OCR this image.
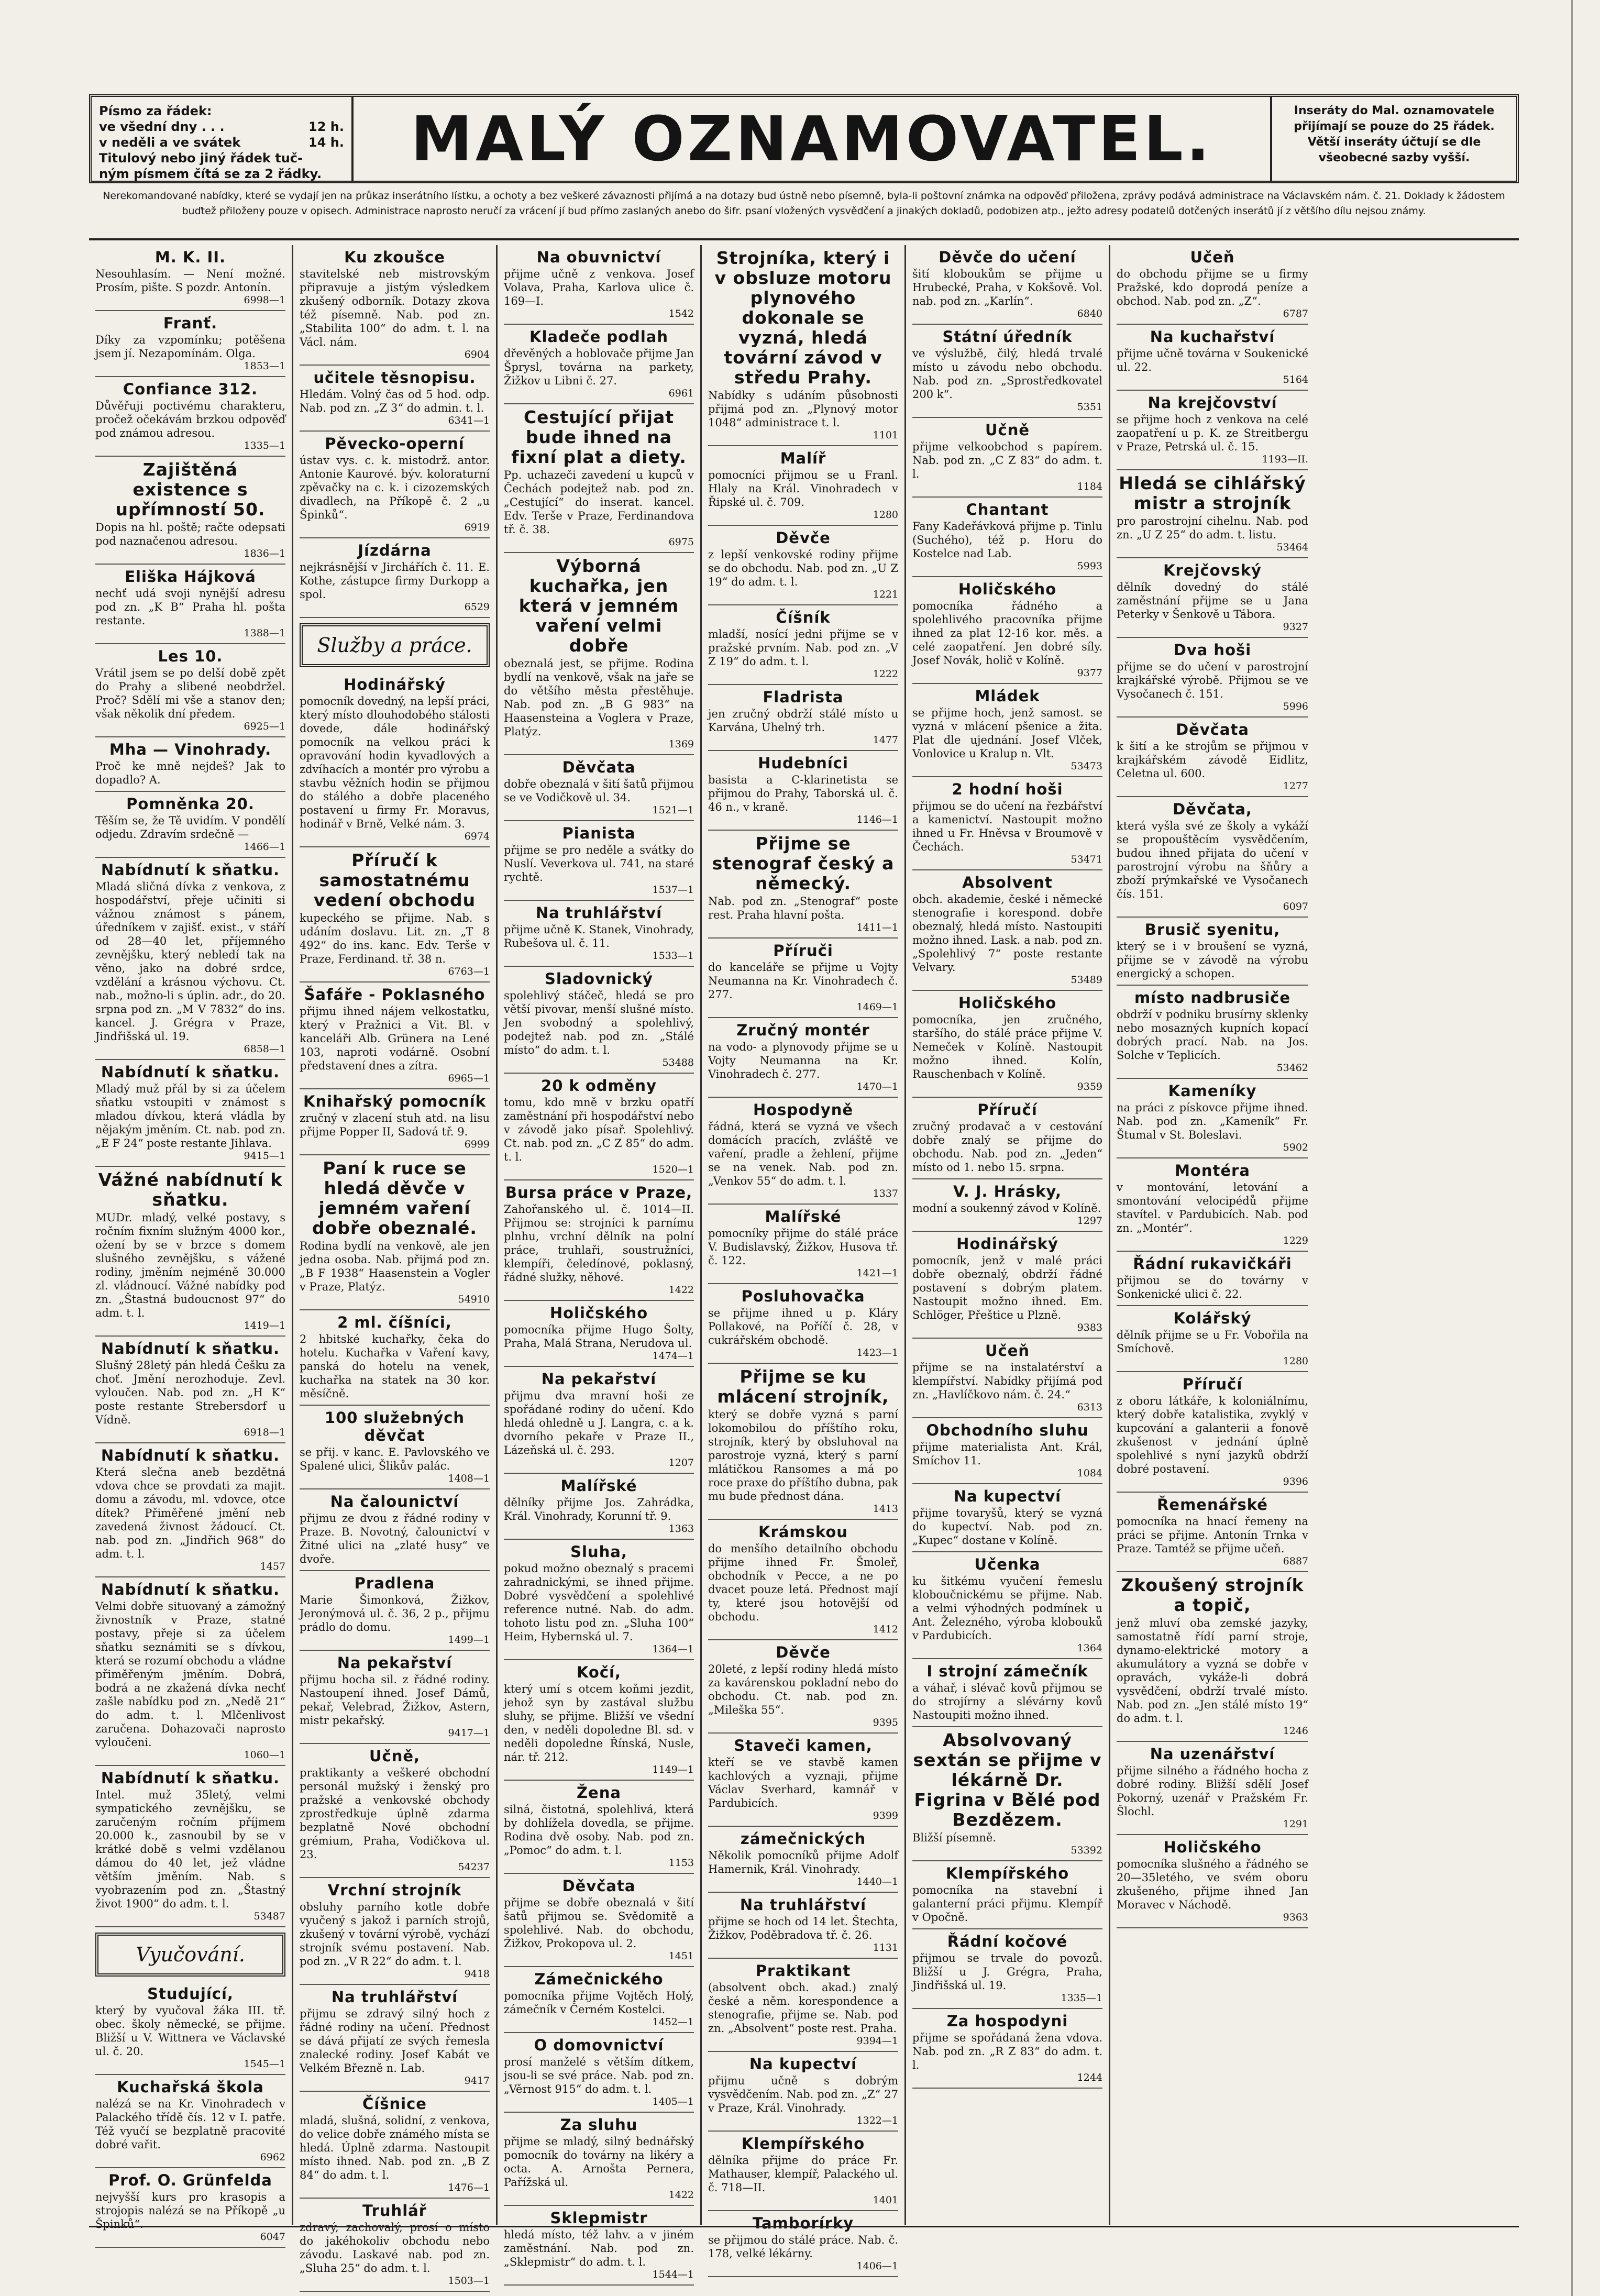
Písmo za řádek:
ve všední dny . . .	12 h.
v neděli a ve svátek	14 h.
Titulový nebo jiný řádek tuč-
ným písmem čítá se za 2 řádky.	MALÝ OZNAMOVATEL.	Inseráty do Mal. oznamovatele přijímají se pouze do 25 řádek. Větší inseráty účtují se dle všeobecné sazby vyšší.
Nerekomandované nabídky, které se vydají jen na průkaz inserátního lístku, a ochoty a bez veškeré závaznosti přijímá a na dotazy bud ústně nebo písemně, byla-li poštovní známka na odpověď přiložena, zprávy podává administrace na Václavském nám. č. 21. Doklady k žádostem buďtež přiloženy pouze v opisech. Administrace naprosto neručí za vrácení jí bud přímo zaslaných anebo do šifr. psaní vložených vysvědčení a jinakých dokladů, podobizen atp., ježto adresy podatelů dotčených inserátů jí z většího dílu nejsou známy.
M. K. II.

Nesouhlasím. — Není možné. Prosím, pište. S pozdr. Antonín.

6998—1
Franť.

Díky za vzpomínku; potěšena jsem jí. Nezapomínám. Olga.

1853—1
Confiance 312.

Důvěřuji poctivému charakteru, pročež očekávám brzkou odpověď pod známou adresou.

1335—1
Zajištěná existence s upřímností 50.

Dopis na hl. poště; račte odepsati pod naznačenou adresou.

1836—1
Eliška Hájková

nechť udá svoji nynější adresu pod zn. „K B“ Praha hl. pošta restante.

1388—1
Les 10.

Vrátil jsem se po delší době zpět do Prahy a slibené neobdržel. Proč? Sdělí mi vše a stanov den; však několik dní předem.

6925—1
Mha — Vinohrady.

Proč ke mně nejdeš? Jak to dopadlo? A.

Pomněnka 20.

Těším se, že Tě uvidím. V pondělí odjedu. Zdravím srdečně —

1466—1
Nabídnutí k sňatku.

Mladá sličná dívka z venkova, z hospodářství, přeje učiniti si vážnou známost s pánem, úředníkem v zajišť. exist., v stáří od 28—40 let, příjemného zevnějšku, který nebledí tak na věno, jako na dobré srdce, vzdělání a krásnou výchovu. Ct. nab., možno-li s úplin. adr., do 20. srpna pod zn. „M V 7832“ do ins. kancel. J. Grégra v Praze, Jindřišská ul. 19.

6858—1
Nabídnutí k sňatku.

Mladý muž přál by si za účelem sňatku vstoupiti v známost s mladou dívkou, která vládla by nějakým jměním. Ct. nab. pod zn. „E F 24“ poste restante Jihlava.

9415—1
Vážné nabídnutí k sňatku.

MUDr. mladý, velké postavy, s ročním fixním služným 4000 kor., ožení by se v brzce s domem slušného zevnějšku, s vážené rodiny, jměním nejméně 30.000 zl. vládnoucí. Vážné nabídky pod zn. „Štastná budoucnost 97“ do adm. t. l.

1419—1
Nabídnutí k sňatku.

Slušný 28letý pán hledá Češku za choť. Jmění nerozhoduje. Zevl. vyloučen. Nab. pod zn. „H K“ poste restante Strebersdorf u Vídně.

6918—1
Nabídnutí k sňatku.

Která slečna aneb bezdětná vdova chce se provdati za majit. domu a závodu, ml. vdovce, otce dítek? Přiměřené jmění neb zavedená živnost žádoucí. Ct. nab. pod zn. „Jindřich 968“ do adm. t. l.

1457
Nabídnutí k sňatku.

Velmi dobře situovaný a zámožný živnostník v Praze, statné postavy, přeje si za účelem sňatku seznámiti se s dívkou, která se rozumí obchodu a vládne přiměřeným jměním. Dobrá, bodrá a ne zkažená dívka nechť zašle nabídku pod zn. „Nedě 21“ do adm. t. l. Mlčenlivost zaručena. Dohazovači naprosto vyloučeni.

1060—1
Nabídnutí k sňatku.

Intel. muž 35letý, velmi sympatického zevnějšku, se zaručeným ročním příjmem 20.000 k., zasnoubil by se v krátké době s velmi vzdělanou dámou do 40 let, jež vládne větším jměním. Nab. s vyobrazením pod zn. „Štastný život 1900“ do adm. t. l.

53487
Vyučování.
Studující,

který by vyučoval žáka III. tř. obec. školy německé, se přijme. Bližší u V. Wittnera ve Václavské ul. č. 20.

1545—1
Kuchařská škola

nalézá se na Kr. Vinohradech v Palackého třídě čís. 12 v I. patře. Též vyučí se bezplatně pracovité dobré vařit.

6962
Prof. O. Grünfelda

nejvyšší kurs pro krasopis a strojopis nalézá se na Příkopě „u Špinků“.

6047
Ku zkoušce

stavitelské neb mistrovským připravuje a jistým výsledkem zkušený odborník. Dotazy zkova též písemně. Nab. pod zn. „Stabilita 100“ do adm. t. l. na Václ. nám.

6904
učitele těsnopisu.

Hledám. Volný čas od 5 hod. odp. Nab. pod zn. „Z 3“ do admin. t. l.

6341—1
Pěvecko-operní

ústav vys. c. k. mistodrž. antor. Antonie Kaurové. býv. koloraturní zpěvačky na c. k. i cizozemských divadlech, na Příkopě č. 2 „u Špinků“.

6919
Jízdárna

nejkrásnější v Jirchářích č. 11. E. Kothe, zástupce firmy Durkopp a spol.

6529
Služby a práce.
Hodinářský

pomocník dovedný, na lepší práci, který místo dlouhodobého stálosti dovede, dále hodinářský pomocník na velkou práci k opravování hodin kyvadlových a zdvíhacích a montér pro výrobu a stavbu věžních hodin se přijmou do stálého a dobře placeného postavení u firmy Fr. Moravus, hodinář v Brně, Velké nám. 3.

6974
Příručí k samostatnému vedení obchodu

kupeckého se přijme. Nab. s udáním doslavu. Lit. zn. „T 8 492“ do ins. kanc. Edv. Terše v Praze, Ferdinand. tř. 38 n.

6763—1
Šafáře - Poklasného

přijmu ihned nájem velkostatku, který v Pražnici a Vit. Bl. v kanceláři Alb. Grünera na Lené 103, naproti vodárně. Osobní představení dnes a zítra.

6965—1
Knihařský pomocník

zručný v zlacení stuh atd. na lisu přijme Popper II, Sadová tř. 9.

6999
Paní k ruce se hledá děvče v jemném vaření dobře obeznalé.

Rodina bydlí na venkově, ale jen jedna osoba. Nab. přijmá pod zn. „B F 1938“ Haasenstein a Vogler v Praze, Platýz.

54910
2 ml. číšníci,

2 hbitské kuchařky, čeka do hotelu. Kuchařka v Vaření kavy, panská do hotelu na venek, kuchařka na statek na 30 kor. měsíčně.

100 služebných děvčat

se přij. v kanc. E. Pavlovského ve Spalené ulici, Šlikův palác.

1408—1
Na čalounictví

přijmu ze dvou z řádné rodiny v Praze. B. Novotný, čalounictví v Žitné ulici na „zlaté husy“ ve dvoře.

Pradlena

Marie Šimonková, Žižkov, Jeronýmová ul. č. 36, 2 p., přijmu prádlo do domu.

1499—1
Na pekařství

přijmu hocha sil. z řádné rodiny. Nastoupení ihned. Josef Dámů, pekař, Velebrad, Žižkov, Astern, mistr pekařský.

9417—1
Učně,

praktikanty a veškeré obchodní personál mužský i ženský pro pražské a venkovské obchody zprostředkuje úplně zdarma bezplatně Nové obchodní grémium, Praha, Vodičkova ul. 23.

54237
Vrchní strojník

obsluhy parního kotle dobře vyučený s jakož i parních strojů, zkušený v tovární výrobě, vychází strojník svému postavení. Nab. pod zn. „V R 22“ do adm. t. l.

9418
Na truhlářství

přijmu se zdravý silný hoch z řádné rodiny na učení. Přednost se dává přijatí ze svých řemesla znalecké rodiny. Josef Kabát ve Velkém Březně n. Lab.

9417
Číšnice

mladá, slušná, solidní, z venkova, do velice dobře známého místa se hledá. Úplně zdarma. Nastoupit místo ihned. Nab. pod zn. „B Z 84“ do adm. t. l.

1476—1
Truhlář

zdravý, zachovalý, prosí o místo do jakéhokoliv obchodu nebo závodu. Laskavé nab. pod zn. „Sluha 25“ do adm. t. l.

1503—1
Na obuvnictví

přijme učně z venkova. Josef Volava, Praha, Karlova ulice č. 169—I.

1542
Kladeče podlah

dřevěných a hoblovače přijme Jan Šprysl, továrna na parkety, Žižkov u Libni č. 27.

6961
Cestující přijat bude ihned na fixní plat a diety.

Pp. uchazeči zavedení u kupců v Čechách podejtež nab. pod zn. „Cestující“ do inserat. kancel. Edv. Terše v Praze, Ferdinandova tř. č. 38.

6975
Výborná kuchařka, jen která v jemném vaření velmi dobře

obeznalá jest, se přijme. Rodina bydlí na venkově, však na jaře se do většího města přestěhuje. Nab. pod zn. „B G 983“ na Haasensteina a Voglera v Praze, Platýz.

1369
Děvčata

dobře obeznalá v šití šatů přijmou se ve Vodičkově ul. 34.

1521—1
Pianista

přijme se pro neděle a svátky do Nuslí. Veverkova ul. 741, na staré rychtě.

1537—1
Na truhlářství

přijme učně K. Stanek, Vinohrady, Rubešova ul. č. 11.

1533—1
Sladovnický

spolehlivý stáčeč, hledá se pro větší pivovar, menší slušné místo. Jen svobodný a spolehlivý, podejtež nab. pod zn. „Stálé místo“ do adm. t. l.

53488
20 k odměny

tomu, kdo mně v brzku opatří zaměstnání při hospodářství nebo v závodě jako písař. Spolehlivý. Ct. nab. pod zn. „C Z 85“ do adm. t. l.

1520—1
Bursa práce v Praze,

Zahořanského ul. č. 1014—II. Přijmou se: strojníci k parnímu plnhu, vrchní dělník na polní práce, truhlaři, soustružníci, klempíři, čeledínové, poklasný, řádné služky, něhové.

1422
Holičského

pomocníka přijme Hugo Šolty, Praha, Malá Strana, Nerudova ul.

1474—1
Na pekařství

přijmu dva mravní hoši ze spořádané rodiny do učení. Kdo hledá ohledně u J. Langra, c. a k. dvorního pekaře v Praze II., Lázeňská ul. č. 293.

1207
Malířské

dělníky přijme Jos. Zahrádka, Král. Vinohrady, Korunní tř. 9.

1363
Sluha,

pokud možno obeznalý s pracemi zahradnickými, se ihned přijme. Dobré vysvědčení a spolehlivé reference nutné. Nab. do adm. tohoto listu pod zn. „Sluha 100“ Heim, Hybernská ul. 7.

1364—1
Kočí,

který umí s otcem koňmi jezdit, jehož syn by zastával službu sluhy, se přijme. Bližší ve všední den, v neděli dopoledne Bl. sd. v neděli dopoledne Řínská, Nusle, nár. tř. 212.

1149—1
Žena

silná, čistotná, spolehlivá, která by dohlížela dovedla, se přijme. Rodina dvě osoby. Nab. pod zn. „Pomoc“ do adm. t. l.

1153
Děvčata

přijme se dobře obeznalá v šití šatů přijmou se. Svědomitě a spolehlivé. Nab. do obchodu, Žižkov, Prokopova ul. 2.

1451
Zámečnického

pomocníka přijme Vojtěch Holý, zámečník v Černém Kostelci.

1452—1
O domovnictví

prosí manželé s větším dítkem, jsou-li se své práce. Nab. pod zn. „Věrnost 915“ do adm. t. l.

1405—1
Za sluhu

přijme se mladý, silný bednářský pomocník do továrny na likéry a octa. A. Arnošta Pernera, Pařížská ul.

1422
Sklepmistr

hledá místo, též lahv. a v jiném zaměstnání. Nab. pod zn. „Sklepmistr“ do adm. t. l.

1544—1
Strojníka, který i v obsluze motoru plynového dokonale se vyzná, hledá tovární závod v středu Prahy.

Nabídky s udáním působnosti přijmá pod zn. „Plynový motor 1048“ administrace t. l.

1101
Malíř

pomocníci přijmou se u Franl. Hlaly na Král. Vinohradech v Řipské ul. č. 709.

1280
Děvče

z lepší venkovské rodiny přijme se do obchodu. Nab. pod zn. „U Z 19“ do adm. t. l.

1221
Číšník

mladší, nosící jedni přijme se v pražské prvním. Nab. pod zn. „V Z 19“ do adm. t. l.

1222
Fladrista

jen zručný obdrží stálé místo u Karvána, Uhelný trh.

1477
Hudebníci

basista a C-klarinetista se přijmou do Prahy, Taborská ul. č. 46 n., v kraně.

1146—1
Přijme se stenograf český a německý.

Nab. pod zn. „Stenograf“ poste rest. Praha hlavní pošta.

1411—1
Příruči

do kanceláře se přijme u Vojty Neumanna na Kr. Vinohradech č. 277.

1469—1
Zručný montér

na vodo- a plynovody přijme se u Vojty Neumanna na Kr. Vinohradech č. 277.

1470—1
Hospodyně

řádná, která se vyzná ve všech domácích pracích, zvláště ve vaření, pradle a žehlení, přijme se na venek. Nab. pod zn. „Venkov 55“ do adm. t. l.

1337
Malířské

pomocníky přijme do stálé práce V. Budislavský, Žižkov, Husova tř. č. 122.

1421—1
Posluhovačka

se přijme ihned u p. Kláry Pollakové, na Poříčí č. 28, v cukrářském obchodě.

1423—1
Přijme se ku mlácení strojník,

který se dobře vyzná s parní lokomobilou do příštího roku, strojník, který by obsluhoval na parostroje vyzná, který s parní mlátičkou Ransomes a má po roce praxe do příštího dubna, pak mu bude přednost dána.

1413
Krámskou

do menšího detailního obchodu přijme ihned Fr. Šmoleř, obchodník v Pecce, a ne po dvacet pouze letá. Přednost mají ty, které jsou hotovější od obchodu.

1412
Děvče

20leté, z lepší rodiny hledá místo za kavárenskou pokladní nebo do obchodu. Ct. nab. pod zn. „Mileška 55“.

9395
Staveči kamen,

kteří se ve stavbě kamen kachlových a vyznaji, přijme Václav Sverhard, kamnář v Pardubicích.

9399
zámečnických

Několik pomocníků přijme Adolf Hamernik, Král. Vinohrady.

1440—1
Na truhlářství

přijme se hoch od 14 let. Štechta, Žižkov, Poděbradova tř. č. 26.

1131
Praktikant

(absolvent obch. akad.) znalý české a něm. korespondence a stenografie, přijme se. Nab. pod zn. „Absolvent“ poste rest. Praha.

9394—1
Na kupectví

přijmu učně s dobrým vysvědčením. Nab. pod zn. „Z“ 27 v Praze, Král. Vinohrady.

1322—1
Klempířského

dělníka přijme do práce Fr. Mathauser, klempíř, Palackého ul. č. 718—II.

1401
Tamborírky

se přijmou do stálé práce. Nab. č. 178, velké lékárny.

1406—1
Děvče do učení

šití kloboukům se přijme u Hrubecké, Praha, v Kokšově. Vol. nab. pod zn. „Karlín“.

6840
Státní úředník

ve výslužbě, čilý, hledá trvalé místo u závodu nebo obchodu. Nab. pod zn. „Sprostředkovatel 200 k“.

5351
Učně

přijme velkoobchod s papírem. Nab. pod zn. „C Z 83“ do adm. t. l.

1184
Chantant

Fany Kadeřávková přijme p. Tinlu (Suchého), též p. Horu do Kostelce nad Lab.

5993
Holičského

pomocníka řádného a spolehlivého pracovníka přijme ihned za plat 12-16 kor. měs. a celé zaopatření. Jen dobré síly. Josef Novák, holič v Kolíně.

9377
Mládek

se přijme hoch, jenž samost. se vyzná v mlácení pšenice a žita. Plat dle ujednání. Josef Vlček, Vonlovice u Kralup n. Vlt.

53473
2 hodní hoši

přijmou se do učení na řezbářství a kamenictví. Nastoupit možno ihned u Fr. Hněvsa v Broumově v Čechách.

53471
Absolvent

obch. akademie, české i německé stenografie i korespond. dobře obeznalý, hledá místo. Nastoupiti možno ihned. Lask. a nab. pod zn. „Spolehlivý 7“ poste restante Velvary.

53489
Holičského

pomocníka, jen zručného, staršího, do stálé práce přijme V. Nemeček v Kolíně. Nastoupit možno ihned. Kolín, Rauschenbach v Kolíně.

9359
Příručí

zručný prodavač a v cestování dobře znalý se přijme do obchodu. Nab. pod zn. „Jeden“ místo od 1. nebo 15. srpna.

V. J. Hrásky,

modní a soukenný závod v Kolíně.

1297
Hodinářský

pomocník, jenž v malé práci dobře obeznalý, obdrží řádné postavení s dobrým platem. Nastoupit možno ihned. Em. Schlöger, Přeštice u Plzně.

9383
Učeň

přijme se na instalatérství a klempířství. Nabídky přijímá pod zn. „Havlíčkovo nám. č. 24.“

6313
Obchodního sluhu

přijme materialista Ant. Král, Smíchov 11.

1084
Na kupectví

přijme tovaryšů, který se vyzná do kupectví. Nab. pod zn. „Kupec“ dostane v Kolíně.

Učenka

ku šitkému vyučení řemeslu kloboučnickému se přijme. Nab. a velmi výhodných podmínek u Ant. Železného, výroba klobouků v Pardubicích.

1364
I strojní zámečník

a váhař, i slévač kovů přijmou se do strojírny a slévárny kovů Nastoupiti možno ihned.

Absolvovaný sextán se přijme v lékárně Dr. Figrina v Bělé pod Bezdězem.

Bližší písemně.

53392
Klempířského

pomocníka na stavební i galanterní práci přijmu. Klempíř v Opočně.

Řádní kočové

přijmou se trvale do povozů. Bližší u J. Grégra, Praha, Jindřišská ul. 19.

1335—1
Za hospodyni

přijme se spořádaná žena vdova. Nab. pod zn. „R Z 83“ do adm. t. l.

1244
Učeň

do obchodu přijme se u firmy Pražské, kdo doprodá peníze a obchod. Nab. pod zn. „Z“.

6787
Na kuchařství

přijme učně továrna v Soukenické ul. 22.

5164
Na krejčovství

se přijme hoch z venkova na celé zaopatření u p. K. ze Streitbergu v Praze, Petrská ul. č. 15.

1193—II.
Hledá se cihlářský mistr a strojník

pro parostrojní cihelnu. Nab. pod zn. „U Z 25“ do adm. t. listu.

53464
Krejčovský

dělník dovedný do stálé zaměstnání přijme se u Jana Peterky v Šenkově u Tábora.

9327
Dva hoši

přijme se do učení v parostrojní krajkářské výrobě. Přijmou se ve Vysočanech č. 151.

5996
Děvčata

k šití a ke strojům se přijmou v krajkářském závodě Eidlitz, Celetna ul. 600.

1277
Děvčata,

která vyšla své ze školy a vykáží se propouštěcím vysvědčením, budou ihned přijata do učení v parostrojní výrobu na šňůry a zboží prýmkařské ve Vysočanech čís. 151.

6097
Brusič syenitu,

který se i v broušení se vyzná, přijme se v závodě na výrobu energický a schopen.

místo nadbrusiče

obdrží v podniku brusírny sklenky nebo mosazných kupních kopací dobrých prací. Nab. na Jos. Solche v Teplicích.

53462
Kameníky

na práci z pískovce přijme ihned. Nab. pod zn. „Kameník“ Fr. Štumal v St. Boleslavi.

5902
Montéra

v montování, letování a smontování velocipédů přijme stavítel. v Pardubicích. Nab. pod zn. „Montér“.

1229
Řádní rukavičkáři

přijmou se do továrny v Sonkenické ulici č. 22.

Kolářský

dělník přijme se u Fr. Vobořila na Smíchově.

1280
Příručí

z oboru látkáře, k koloniálnímu, který dobře katalistika, zvyklý v kupcování a galanterii a fonově zkušenost v jednání úplně spolehlivé s nyní jazyků obdrží dobré postavení.

9396
Řemenářské

pomocníka na hnací řemeny na práci se přijme. Antonín Trnka v Praze. Tamtéž se přijme učeň.

6887
Zkoušený strojník a topič,

jenž mluví oba zemské jazyky, samostatně řídí parní stroje, dynamo-elektrické motory a akumulátory a vyzná se dobře v opravách, vykáže-li dobrá vysvědčení, obdrží trvalé místo. Nab. pod zn. „Jen stálé místo 19“ do adm. t. l.

1246
Na uzenářství

přijme silného a řádného hocha z dobré rodiny. Bližší sdělí Josef Pokorný, uzenář v Pražském Fr. Šlochl.

1291
Holičského

pomocníka slušného a řádného se 20—35letého, ve svém oboru zkušeného, přijme ihned Jan Moravec v Náchodě.

9363
